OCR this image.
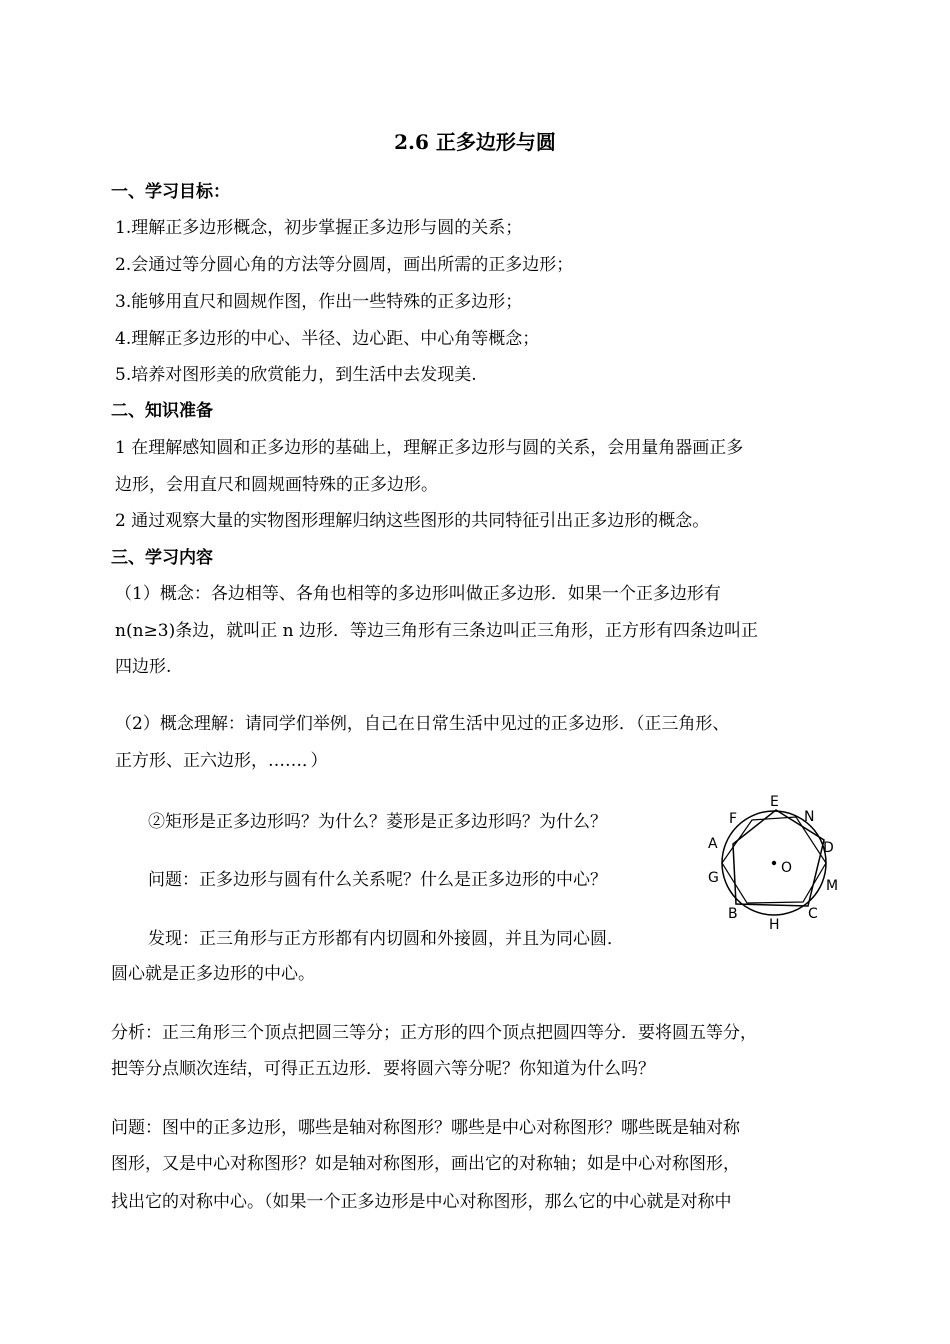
2.6 正多边形与圆
一、学习目标：
1.理解正多边形概念，初步掌握正多边形与圆的关系；
2.会通过等分圆心角的方法等分圆周，画出所需的正多边形；
3.能够用直尺和圆规作图，作出一些特殊的正多边形；
4.理解正多边形的中心、半径、边心距、中心角等概念；
5.培养对图形美的欣赏能力，到生活中去发现美.
二、知识准备
1 在理解感知圆和正多边形的基础上，理解正多边形与圆的关系，会用量角器画正多
边形，会用直尺和圆规画特殊的正多边形。
2 通过观察大量的实物图形理解归纳这些图形的共同特征引出正多边形的概念。
三、学习内容
（1）概念：各边相等、各角也相等的多边形叫做正多边形．如果一个正多边形有
n(n≥3)条边，就叫正 n 边形．等边三角形有三条边叫正三角形，正方形有四条边叫正
四边形.
（2）概念理解：请同学们举例，自己在日常生活中见过的正多边形．（正三角形、
正方形、正六边形，……．）
②矩形是正多边形吗？为什么？菱形是正多边形吗？为什么？
问题：正多边形与圆有什么关系呢？什么是正多边形的中心？
发现：正三角形与正方形都有内切圆和外接圆，并且为同心圆．
圆心就是正多边形的中心。
分析：正三角形三个顶点把圆三等分；正方形的四个顶点把圆四等分．要将圆五等分，
把等分点顺次连结，可得正五边形．要将圆六等分呢？你知道为什么吗？
问题：图中的正多边形，哪些是轴对称图形？哪些是中心对称图形？哪些既是轴对称
图形，又是中心对称图形？如是轴对称图形，画出它的对称轴；如是中心对称图形，
找出它的对称中心。（如果一个正多边形是中心对称图形，那么它的中心就是对称中
E
N
D
M
C
H
B
G
A
F
O
